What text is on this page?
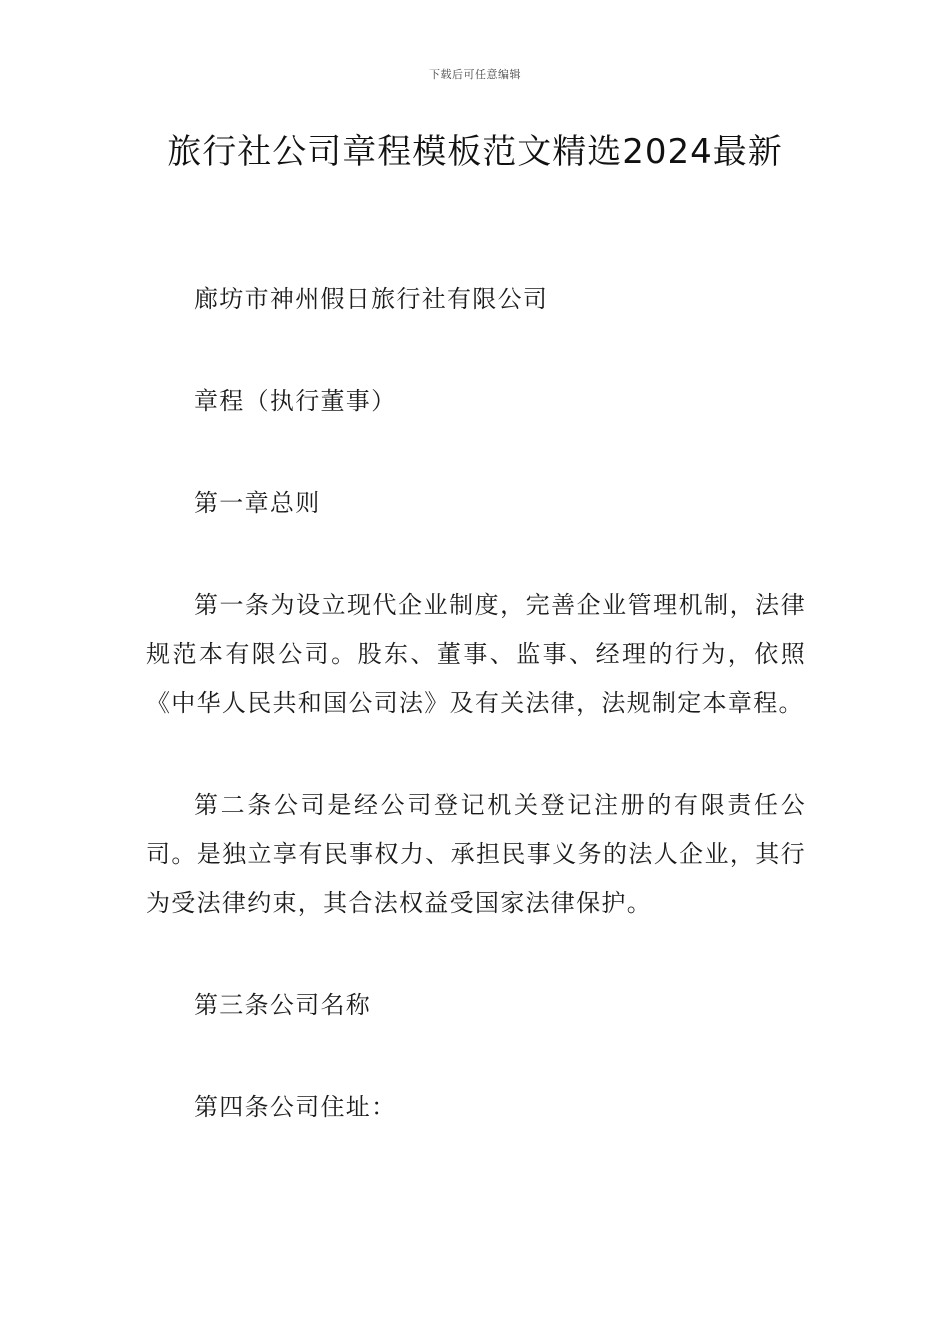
下载后可任意编辑
旅行社公司章程模板范文精选2024最新

廊坊市神州假日旅行社有限公司

章程（执行董事）

第一章总则

第一条为设立现代企业制度，完善企业管理机制，法律规范本有限公司。股东、董事、监事、经理的行为，依照《中华人民共和国公司法》及有关法律，法规制定本章程。

第二条公司是经公司登记机关登记注册的有限责任公司。是独立享有民事权力、承担民事义务的法人企业，其行为受法律约束，其合法权益受国家法律保护。

第三条公司名称

第四条公司住址：
